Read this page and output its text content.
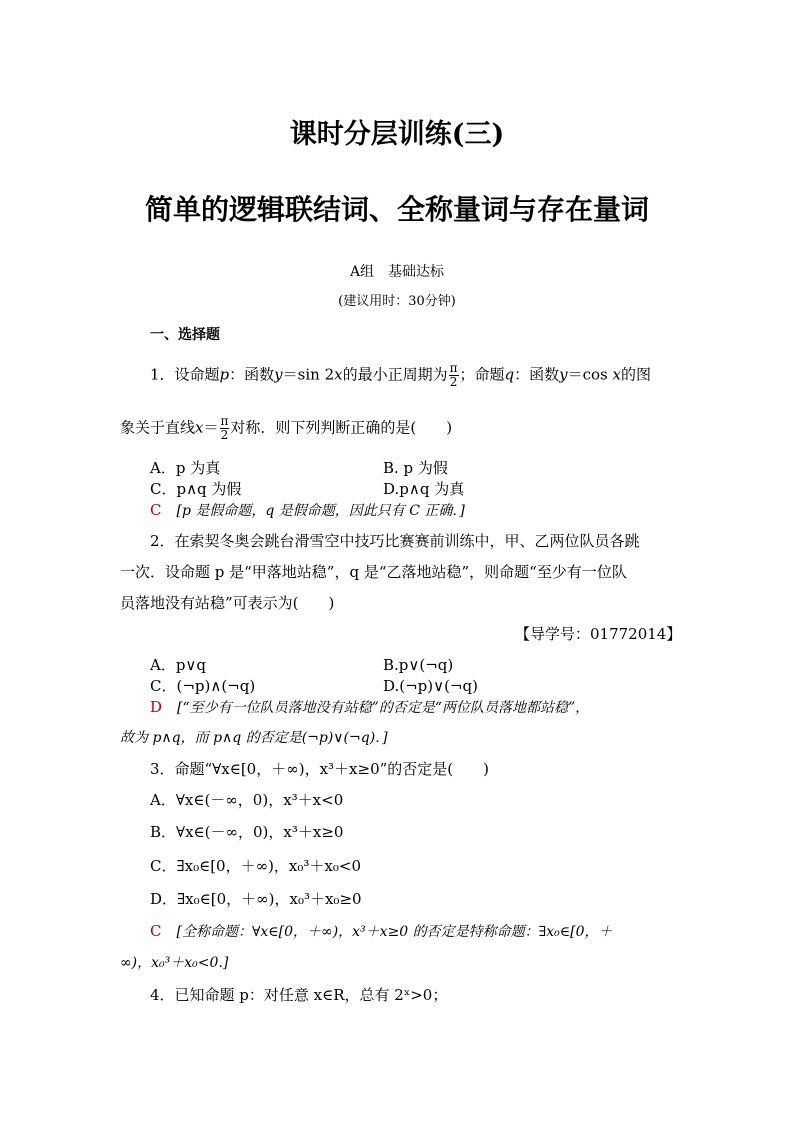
课时分层训练(三)
简单的逻辑联结词、全称量词与存在量词
A组　基础达标
(建议用时：30分钟)
一、选择题
1．设命题p：函数y＝sin 2x的最小正周期为 $\frac{\pi}{2}$ ；命题q：函数y＝cos x的图
象关于直线$x= \frac{\pi}{2}$ 对称．则下列判断正确的是(　　)
A．p 为真	B. p 为假
C．p∧q 为假	D.p∧q 为真
C　 [p 是假命题，q 是假命题，因此只有 C 正确．]
2．在索契冬奥会跳台滑雪空中技巧比赛赛前训练中，甲、乙两位队员各跳
一次．设命题 p 是“甲落地站稳”，q 是“乙落地站稳”，则命题“至少有一位队
员落地没有站稳”可表示为(　　)
【导学号：01772014】
A．p∨q	B.p∨(¬q)
C．(¬p)∧(¬q)	D.(¬p)∨(¬q)
D　 [“至少有一位队员落地没有站稳”的否定是“两位队员落地都站稳”，
故为 p∧q，而 p∧q 的否定是(¬p)∨(¬q)．]
3．命题“∀x∈[0，＋∞)，x³＋x≥0”的否定是(　　)
A．∀x∈(－∞，0)，x³＋x<0
B．∀x∈(－∞，0)，x³＋x≥0
C．∃x₀∈[0，＋∞)，x₀³＋x₀<0
D．∃x₀∈[0，＋∞)，x₀³＋x₀≥0
C　 [全称命题：∀x∈[0，＋∞)，x³＋x≥0 的否定是特称命题：∃x₀∈[0，＋
∞)，x₀³＋x₀<0.]
4．已知命题 p：对任意 x∈R，总有 2ˣ>0；
